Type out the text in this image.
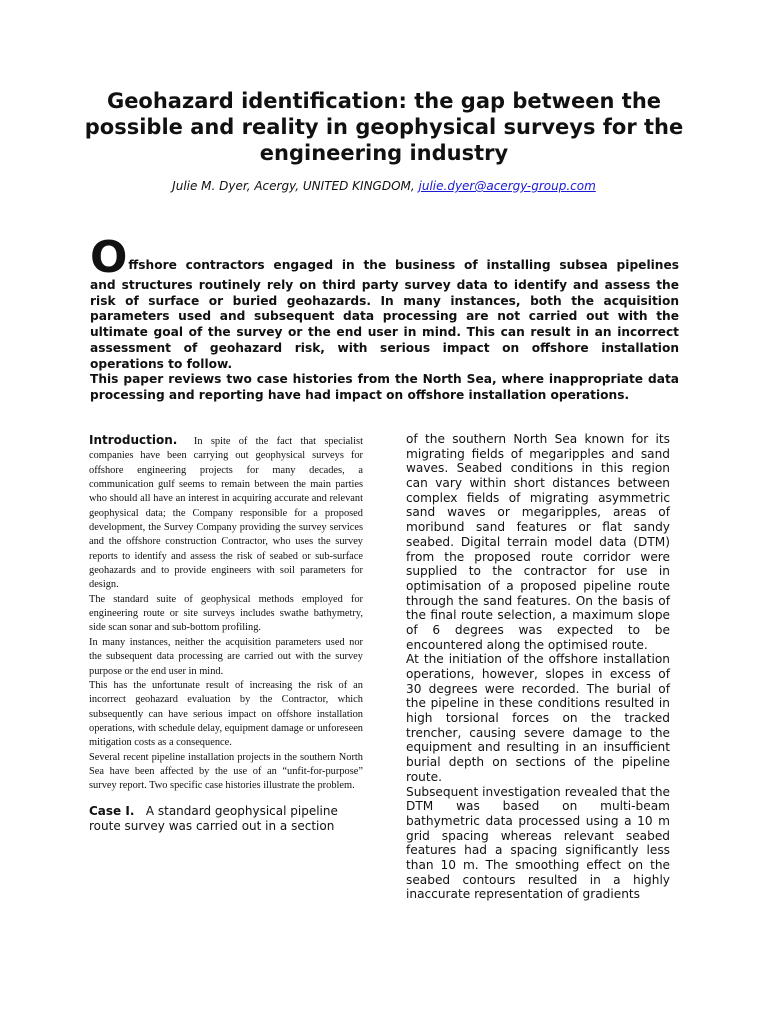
Geohazard identification: the gap between the possible and reality in geophysical surveys for the engineering industry
Julie M. Dyer, Acergy, UNITED KINGDOM, julie.dyer@acergy-group.com
O ffshore contractors engaged in the business of installing subsea pipelines

and structures routinely rely on third party survey data to identify and assess the risk of surface or buried geohazards. In many instances, both the acquisition parameters used and subsequent data processing are not carried out with the ultimate goal of the survey or the end user in mind. This can result in an incorrect assessment of geohazard risk, with serious impact on offshore installation operations to follow.

This paper reviews two case histories from the North Sea, where inappropriate data processing and reporting have had impact on offshore installation operations.

Introduction. In spite of the fact that specialist companies have been carrying out geophysical surveys for offshore engineering projects for many decades, a communication gulf seems to remain between the main parties who should all have an interest in acquiring accurate and relevant geophysical data; the Company responsible for a proposed development, the Survey Company providing the survey services and the offshore construction Contractor, who uses the survey reports to identify and assess the risk of seabed or sub-surface geohazards and to provide engineers with soil parameters for design.

The standard suite of geophysical methods employed for engineering route or site surveys includes swathe bathymetry, side scan sonar and sub-bottom profiling.

In many instances, neither the acquisition parameters used nor the subsequent data processing are carried out with the survey purpose or the end user in mind.

This has the unfortunate result of increasing the risk of an incorrect geohazard evaluation by the Contractor, which subsequently can have serious impact on offshore installation operations, with schedule delay, equipment damage or unforeseen mitigation costs as a consequence.

Several recent pipeline installation projects in the southern North Sea have been affected by the use of an “unfit-for-purpose” survey report. Two specific case histories illustrate the problem.

Case I. A standard geophysical pipeline route survey was carried out in a section

of the southern North Sea known for its migrating fields of megaripples and sand waves. Seabed conditions in this region can vary within short distances between complex fields of migrating asymmetric sand waves or megaripples, areas of moribund sand features or flat sandy seabed. Digital terrain model data (DTM) from the proposed route corridor were supplied to the contractor for use in optimisation of a proposed pipeline route through the sand features. On the basis of the final route selection, a maximum slope of 6 degrees was expected to be encountered along the optimised route.

At the initiation of the offshore installation operations, however, slopes in excess of 30 degrees were recorded. The burial of the pipeline in these conditions resulted in high torsional forces on the tracked trencher, causing severe damage to the equipment and resulting in an insufficient burial depth on sections of the pipeline route.

Subsequent investigation revealed that the DTM was based on multi-beam bathymetric data processed using a 10 m grid spacing whereas relevant seabed features had a spacing significantly less than 10 m. The smoothing effect on the seabed contours resulted in a highly inaccurate representation of gradients
